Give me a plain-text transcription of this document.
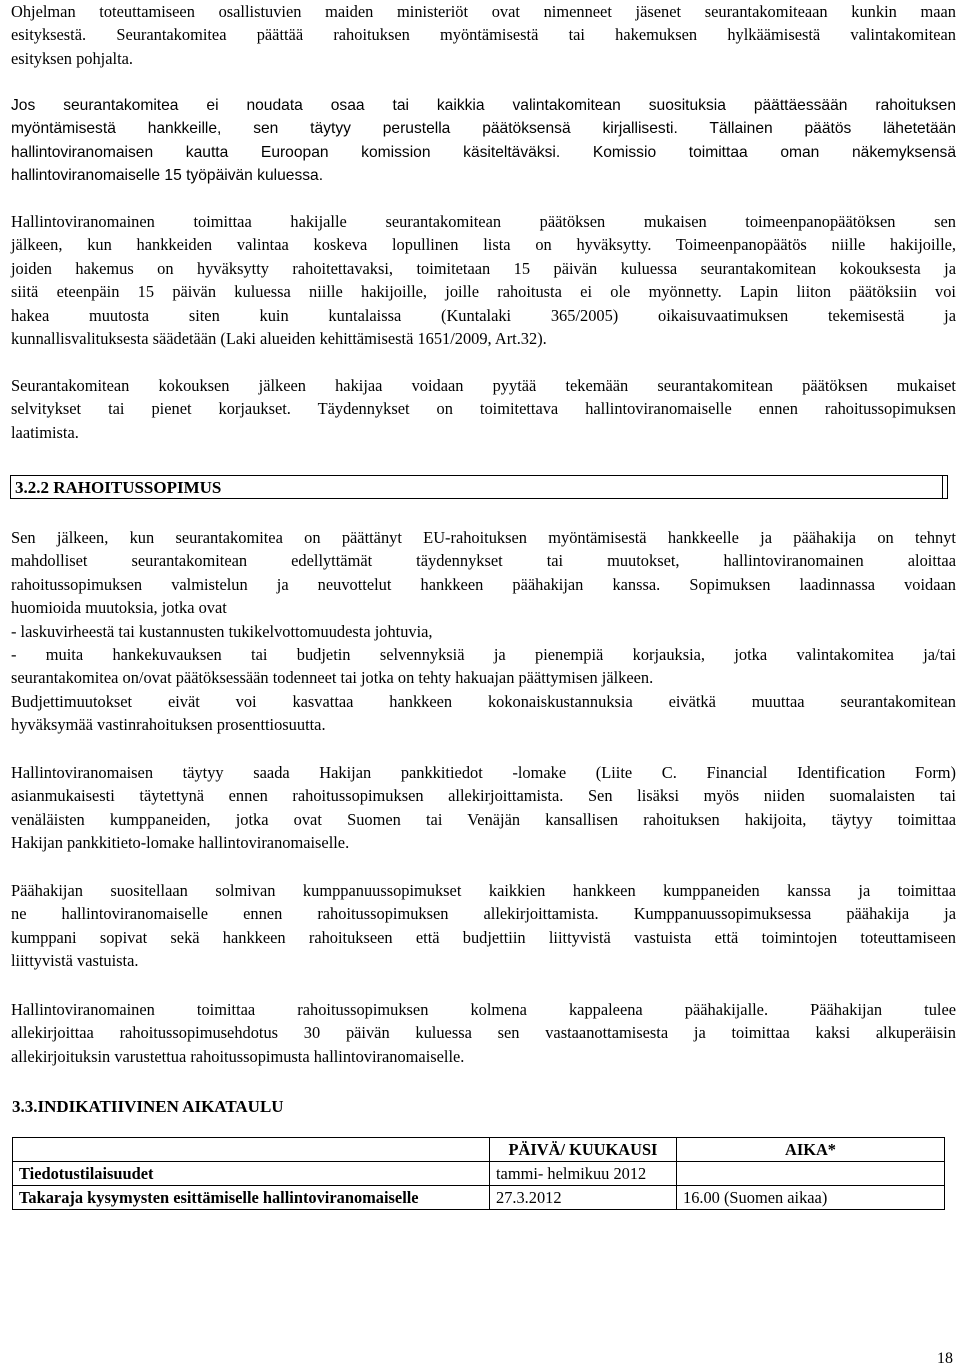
Ohjelman toteuttamiseen osallistuvien maiden ministeriöt ovat nimenneet jäsenet seurantakomiteaan kunkin maan
esityksestä. Seurantakomitea päättää rahoituksen myöntämisestä tai hakemuksen hylkäämisestä valintakomitean
esityksen pohjalta.

Jos seurantakomitea ei noudata osaa tai kaikkia valintakomitean suosituksia päättäessään rahoituksen
myöntämisestä hankkeille, sen täytyy perustella päätöksensä kirjallisesti. Tällainen päätös lähetetään
hallintoviranomaisen kautta Euroopan komission käsiteltäväksi. Komissio toimittaa oman näkemyksensä
hallintoviranomaiselle 15 työpäivän kuluessa.

Hallintoviranomainen toimittaa hakijalle seurantakomitean päätöksen mukaisen toimeenpanopäätöksen sen
jälkeen, kun hankkeiden valintaa koskeva lopullinen lista on hyväksytty. Toimeenpanopäätös niille hakijoille,
joiden hakemus on hyväksytty rahoitettavaksi, toimitetaan 15 päivän kuluessa seurantakomitean kokouksesta ja
siitä eteenpäin 15 päivän kuluessa niille hakijoille, joille rahoitusta ei ole myönnetty. Lapin liiton päätöksiin voi
hakea muutosta siten kuin kuntalaissa (Kuntalaki 365/2005) oikaisuvaatimuksen tekemisestä ja
kunnallisvalituksesta säädetään (Laki alueiden kehittämisestä 1651/2009, Art.32).

Seurantakomitean kokouksen jälkeen hakijaa voidaan pyytää tekemään seurantakomitean päätöksen mukaiset
selvitykset tai pienet korjaukset. Täydennykset on toimitettava hallintoviranomaiselle ennen rahoitussopimuksen
laatimista.

3.2.2 RAHOITUSSOPIMUS

Sen jälkeen, kun seurantakomitea on päättänyt EU-rahoituksen myöntämisestä hankkeelle ja päähakija on tehnyt
mahdolliset seurantakomitean edellyttämät täydennykset tai muutokset, hallintoviranomainen aloittaa
rahoitussopimuksen valmistelun ja neuvottelut hankkeen päähakijan kanssa. Sopimuksen laadinnassa voidaan
huomioida muutoksia, jotka ovat
- laskuvirheestä tai kustannusten tukikelvottomuudesta johtuvia,
- muita hankekuvauksen tai budjetin selvennyksiä ja pienempiä korjauksia, jotka valintakomitea ja/tai
seurantakomitea on/ovat päätöksessään todenneet tai jotka on tehty hakuajan päättymisen jälkeen.
Budjettimuutokset eivät voi kasvattaa hankkeen kokonaiskustannuksia eivätkä muuttaa seurantakomitean
hyväksymää vastinrahoituksen prosenttiosuutta.

Hallintoviranomaisen täytyy saada Hakijan pankkitiedot -lomake (Liite C. Financial Identification Form)
asianmukaisesti täytettynä ennen rahoitussopimuksen allekirjoittamista. Sen lisäksi myös niiden suomalaisten tai
venäläisten kumppaneiden, jotka ovat Suomen tai Venäjän kansallisen rahoituksen hakijoita, täytyy toimittaa
Hakijan pankkitieto-lomake hallintoviranomaiselle.

Päähakijan suositellaan solmivan kumppanuussopimukset kaikkien hankkeen kumppaneiden kanssa ja toimittaa
ne hallintoviranomaiselle ennen rahoitussopimuksen allekirjoittamista. Kumppanuussopimuksessa päähakija ja
kumppani sopivat sekä hankkeen rahoitukseen että budjettiin liittyvistä vastuista että toimintojen toteuttamiseen
liittyvistä vastuista.

Hallintoviranomainen toimittaa rahoitussopimuksen kolmena kappaleena päähakijalle. Päähakijan tulee
allekirjoittaa rahoitussopimusehdotus 30 päivän kuluessa sen vastaanottamisesta ja toimittaa kaksi alkuperäisin
allekirjoituksin varustettua rahoitussopimusta hallintoviranomaiselle.

3.3.INDIKATIIVINEN AIKATAULU
	PÄIVÄ/ KUUKAUSI	AIKA*
Tiedotustilaisuudet	tammi- helmikuu 2012	
Takaraja kysymysten esittämiselle hallintoviranomaiselle	27.3.2012	16.00 (Suomen aikaa)
18
